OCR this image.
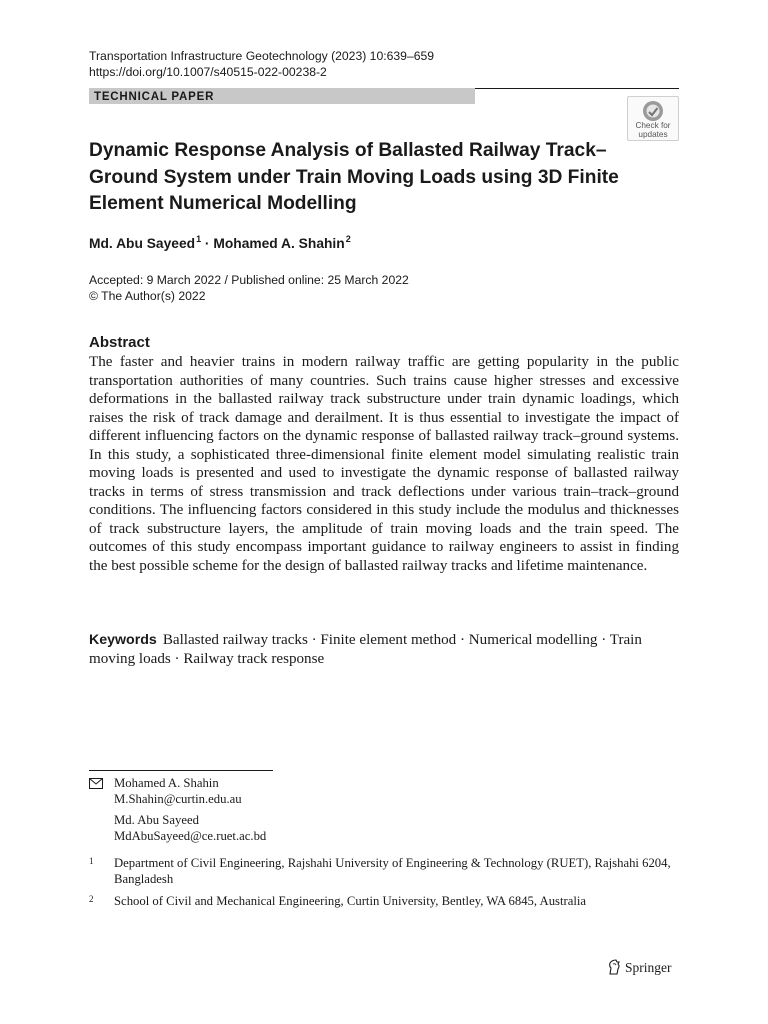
Transportation Infrastructure Geotechnology (2023) 10:639–659
https://doi.org/10.1007/s40515-022-00238-2
TECHNICAL PAPER
Check for
updates
Dynamic Response Analysis of Ballasted Railway Track–Ground System under Train Moving Loads using 3D Finite Element Numerical Modelling
Md. Abu Sayeed$^1$ · Mohamed A. Shahin$^2$
Accepted: 9 March 2022 / Published online: 25 March 2022
© The Author(s) 2022
Abstract
The faster and heavier trains in modern railway traffic are getting popularity in the public transportation authorities of many countries. Such trains cause higher stresses and excessive deformations in the ballasted railway track substructure under train dynamic loadings, which raises the risk of track damage and derailment. It is thus essential to investigate the impact of different influencing factors on the dynamic response of ballasted railway track–ground systems. In this study, a sophisticated three-dimensional finite element model simulating realistic train moving loads is presented and used to investigate the dynamic response of ballasted railway tracks in terms of stress transmission and track deflections under various train–track–ground conditions. The influencing factors considered in this study include the modulus and thicknesses of track substructure layers, the amplitude of train moving loads and the train speed. The outcomes of this study encompass important guidance to railway engineers to assist in finding the best possible scheme for the design of ballasted railway tracks and lifetime maintenance.
Keywords Ballasted railway tracks · Finite element method · Numerical modelling · Train moving loads · Railway track response
Mohamed A. Shahin
M.Shahin@curtin.edu.au
Md. Abu Sayeed
MdAbuSayeed@ce.ruet.ac.bd
1 Department of Civil Engineering, Rajshahi University of Engineering & Technology (RUET), Rajshahi 6204, Bangladesh
2 School of Civil and Mechanical Engineering, Curtin University, Bentley, WA 6845, Australia
Springer
